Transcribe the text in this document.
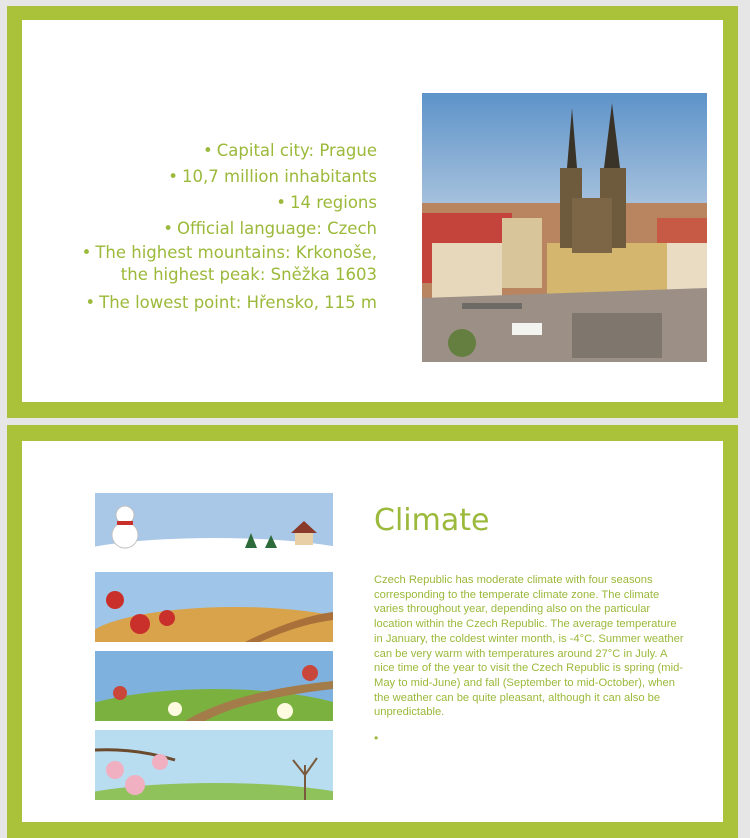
• Capital city: Prague
• 10,7 million inhabitants
• 14 regions
• Official language: Czech
• The highest mountains: Krkonoše,
the highest peak: Sněžka 1603
• The lowest point: Hřensko, 115 m
Climate
Czech Republic has moderate climate with four seasons corresponding to the temperate climate zone. The climate varies throughout year, depending also on the particular location within the Czech Republic. The average temperature in January, the coldest winter month, is -4°C. Summer weather can be very warm with temperatures around 27°C in July. A nice time of the year to visit the Czech Republic is spring (mid-May to mid-June) and fall (September to mid-October), when the weather can be quite pleasant, although it can also be unpredictable.
•
